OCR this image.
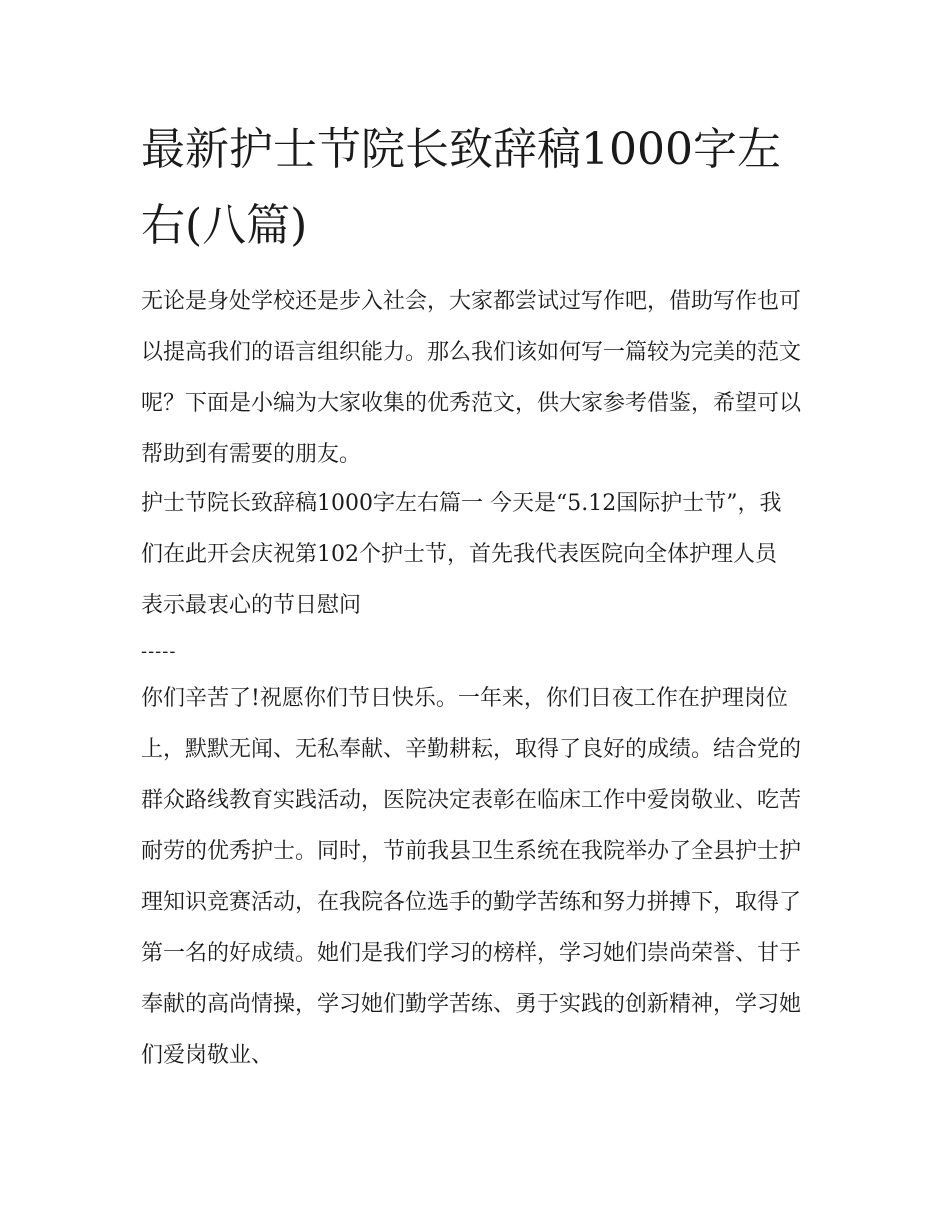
最新护士节院长致辞稿1000字左右(八篇)

无论是身处学校还是步入社会，大家都尝试过写作吧，借助写作也可以提高我们的语言组织能力。那么我们该如何写一篇较为完美的范文呢？下面是小编为大家收集的优秀范文，供大家参考借鉴，希望可以帮助到有需要的朋友。

护士节院长致辞稿1000字左右篇一 今天是“5.12国际护士节”，我们在此开会庆祝第102个护士节，首先我代表医院向全体护理人员表示最衷心的节日慰问

-----

你们辛苦了!祝愿你们节日快乐。一年来，你们日夜工作在护理岗位上，默默无闻、无私奉献、辛勤耕耘，取得了良好的成绩。结合党的群众路线教育实践活动，医院决定表彰在临床工作中爱岗敬业、吃苦耐劳的优秀护士。同时，节前我县卫生系统在我院举办了全县护士护理知识竞赛活动，在我院各位选手的勤学苦练和努力拼搏下，取得了第一名的好成绩。她们是我们学习的榜样，学习她们崇尚荣誉、甘于奉献的高尚情操，学习她们勤学苦练、勇于实践的创新精神，学习她们爱岗敬业、
